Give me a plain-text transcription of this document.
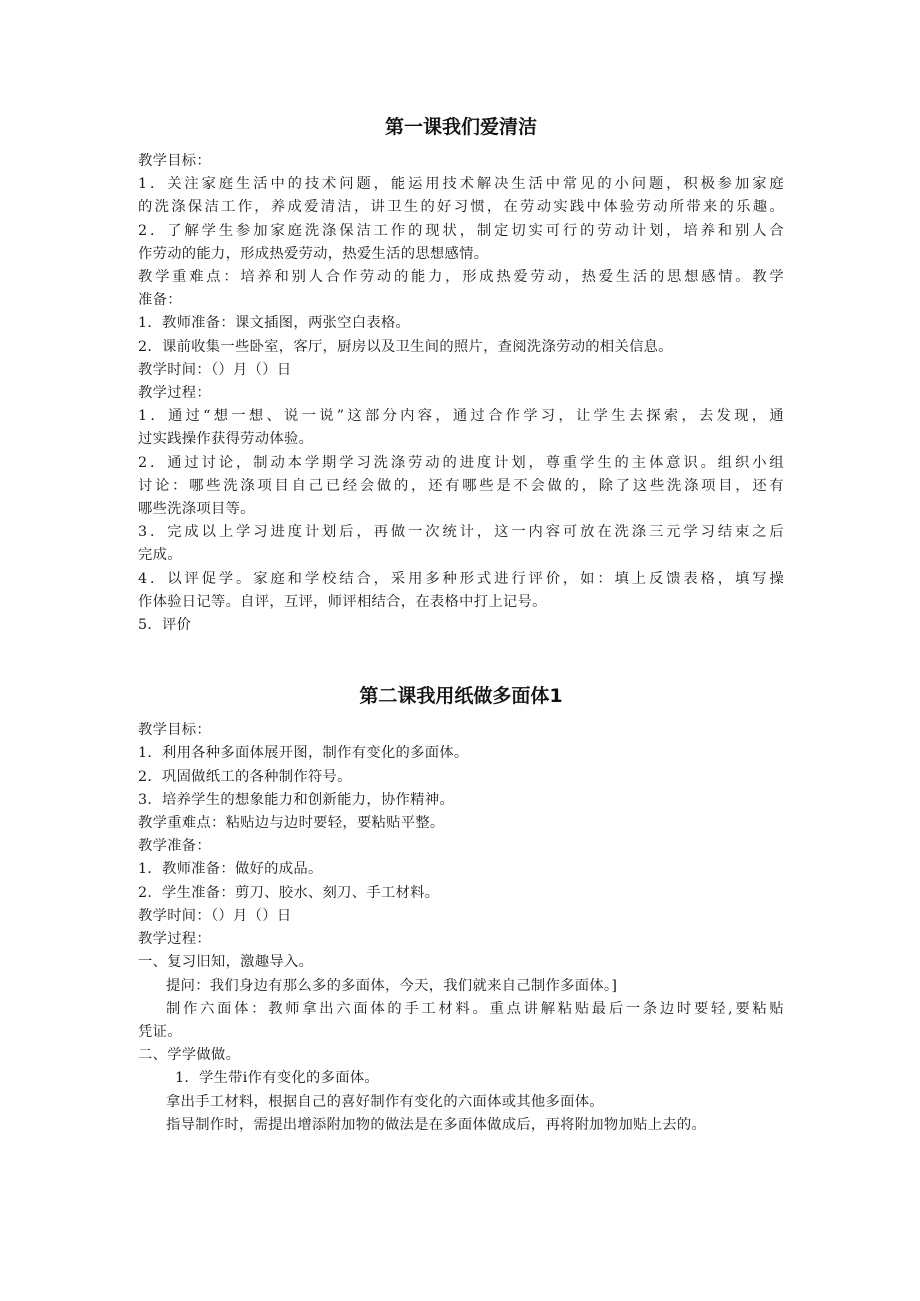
第一课我们爱清洁

教学目标：

1．关注家庭生活中的技术问题，能运用技术解决生活中常见的小问题，积极参加家庭

的洗涤保洁工作，养成爱清洁，讲卫生的好习惯，在劳动实践中体验劳动所带来的乐趣。

2．了解学生参加家庭洗涤保洁工作的现状，制定切实可行的劳动计划，培养和别人合

作劳动的能力，形成热爱劳动，热爱生活的思想感情。

教学重难点：培养和别人合作劳动的能力，形成热爱劳动，热爱生活的思想感情。教学

准备：

1．教师准备：课文插图，两张空白表格。

2．课前收集一些卧室，客厅，厨房以及卫生间的照片，查阅洗涤劳动的相关信息。

教学时间：（）月（）日

教学过程：

1．通过“想一想、说一说”这部分内容，通过合作学习，让学生去探索，去发现，通

过实践操作获得劳动体验。

2．通过讨论，制动本学期学习洗涤劳动的进度计划，尊重学生的主体意识。组织小组

讨论：哪些洗涤项目自己已经会做的，还有哪些是不会做的，除了这些洗涤项目，还有

哪些洗涤项目等。

3．完成以上学习进度计划后，再做一次统计，这一内容可放在洗涤三元学习结束之后

完成。

4．以评促学。家庭和学校结合，采用多种形式进行评价，如：填上反馈表格，填写操

作体验日记等。自评，互评，师评相结合，在表格中打上记号。

5．评价

第二课我用纸做多面体1

教学目标：

1．利用各种多面体展开图，制作有变化的多面体。

2．巩固做纸工的各种制作符号。

3．培养学生的想象能力和创新能力，协作精神。

教学重难点：粘贴边与边时要轻，要粘贴平整。

教学准备：

1．教师准备：做好的成品。

2．学生准备：剪刀、胶水、刻刀、手工材料。

教学时间：（）月（）日

教学过程：

一、复习旧知，激趣导入。

提问：我们身边有那么多的多面体，今天，我们就来自己制作多面体。]

制作六面体：教师拿出六面体的手工材料。重点讲解粘贴最后一条边时要轻,要粘贴

凭证。

二、学学做做。

1．学生带i作有变化的多面体。

拿出手工材料，根据自己的喜好制作有变化的六面体或其他多面体。

指导制作时，需提出增添附加物的做法是在多面体做成后，再将附加物加贴上去的。
